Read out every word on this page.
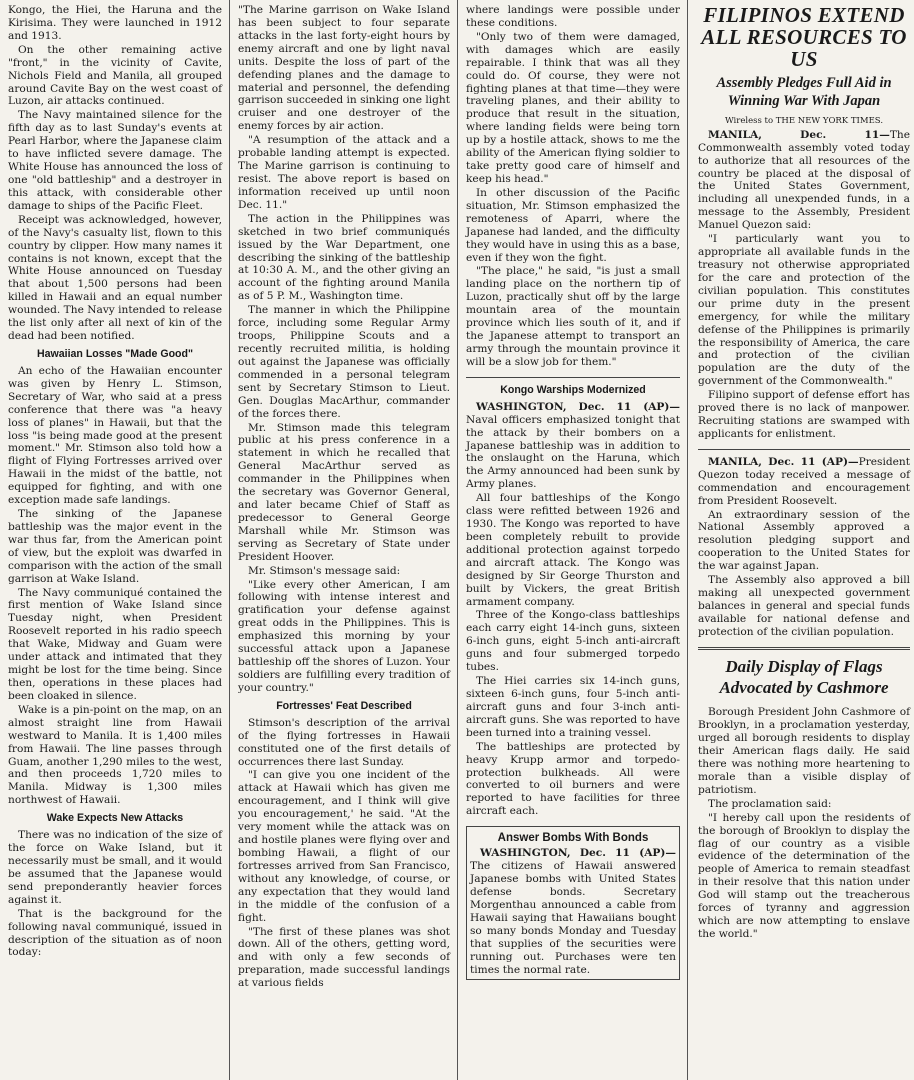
Kongo, the Hiei, the Haruna and the Kirisima. They were launched in 1912 and 1913.

On the other remaining active "front," in the vicinity of Cavite, Nichols Field and Manila, all grouped around Cavite Bay on the west coast of Luzon, air attacks continued.

The Navy maintained silence for the fifth day as to last Sunday's events at Pearl Harbor, where the Japanese claim to have inflicted severe damage. The White House has announced the loss of one "old battleship" and a destroyer in this attack, with considerable other damage to ships of the Pacific Fleet.

Receipt was acknowledged, however, of the Navy's casualty list, flown to this country by clipper. How many names it contains is not known, except that the White House announced on Tuesday that about 1,500 persons had been killed in Hawaii and an equal number wounded. The Navy intended to release the list only after all next of kin of the dead had been notified.

Hawaiian Losses "Made Good"

An echo of the Hawaiian encounter was given by Henry L. Stimson, Secretary of War, who said at a press conference that there was "a heavy loss of planes" in Hawaii, but that the loss "is being made good at the present moment." Mr. Stimson also told how a flight of Flying Fortresses arrived over Hawaii in the midst of the battle, not equipped for fighting, and with one exception made safe landings.

The sinking of the Japanese battleship was the major event in the war thus far, from the American point of view, but the exploit was dwarfed in comparison with the action of the small garrison at Wake Island.

The Navy communiqué contained the first mention of Wake Island since Tuesday night, when President Roosevelt reported in his radio speech that Wake, Midway and Guam were under attack and intimated that they might be lost for the time being. Since then, operations in these places had been cloaked in silence.

Wake is a pin-point on the map, on an almost straight line from Hawaii westward to Manila. It is 1,400 miles from Hawaii. The line passes through Guam, another 1,290 miles to the west, and then proceeds 1,720 miles to Manila. Midway is 1,300 miles northwest of Hawaii.

Wake Expects New Attacks

There was no indication of the size of the force on Wake Island, but it necessarily must be small, and it would be assumed that the Japanese would send preponderantly heavier forces against it.

That is the background for the following naval communiqué, issued in description of the situation as of noon today:

"The Marine garrison on Wake Island has been subject to four separate attacks in the last forty-eight hours by enemy aircraft and one by light naval units. Despite the loss of part of the defending planes and the damage to material and personnel, the defending garrison succeeded in sinking one light cruiser and one destroyer of the enemy forces by air action.

"A resumption of the attack and a probable landing attempt is expected. The Marine garrison is continuing to resist. The above report is based on information received up until noon Dec. 11."

The action in the Philippines was sketched in two brief communiqués issued by the War Department, one describing the sinking of the battleship at 10:30 A. M., and the other giving an account of the fighting around Manila as of 5 P. M., Washington time.

The manner in which the Philippine force, including some Regular Army troops, Philippine Scouts and a recently recruited militia, is holding out against the Japanese was officially commended in a personal telegram sent by Secretary Stimson to Lieut. Gen. Douglas MacArthur, commander of the forces there.

Mr. Stimson made this telegram public at his press conference in a statement in which he recalled that General MacArthur served as commander in the Philippines when the secretary was Governor General, and later became Chief of Staff as predecessor to General George Marshall while Mr. Stimson was serving as Secretary of State under President Hoover.

Mr. Stimson's message said:

"Like every other American, I am following with intense interest and gratification your defense against great odds in the Philippines. This is emphasized this morning by your successful attack upon a Japanese battleship off the shores of Luzon. Your soldiers are fulfilling every tradition of your country."

Fortresses' Feat Described

Stimson's description of the arrival of the flying fortresses in Hawaii constituted one of the first details of occurrences there last Sunday.

"I can give you one incident of the attack at Hawaii which has given me encouragement, and I think will give you encouragement,' he said. "At the very moment while the attack was on and hostile planes were flying over and bombing Hawaii, a flight of our fortresses arrived from San Francisco, without any knowledge, of course, or any expectation that they would land in the middle of the confusion of a fight.

"The first of these planes was shot down. All of the others, getting word, and with only a few seconds of preparation, made successful landings at various fields

where landings were possible under these conditions.

"Only two of them were damaged, with damages which are easily repairable. I think that was all they could do. Of course, they were not fighting planes at that time—they were traveling planes, and their ability to produce that result in the situation, where landing fields were being torn up by a hostile attack, shows to me the ability of the American flying soldier to take pretty good care of himself and keep his head."

In other discussion of the Pacific situation, Mr. Stimson emphasized the remoteness of Aparri, where the Japanese had landed, and the difficulty they would have in using this as a base, even if they won the fight.

"The place," he said, "is just a small landing place on the northern tip of Luzon, practically shut off by the large mountain area of the mountain province which lies south of it, and if the Japanese attempt to transport an army through the mountain province it will be a slow job for them."

Kongo Warships Modernized

WASHINGTON, Dec. 11 (AP)— Naval officers emphasized tonight that the attack by their bombers on a Japanese battleship was in addition to the onslaught on the Haruna, which the Army announced had been sunk by Army planes.

All four battleships of the Kongo class were refitted between 1926 and 1930. The Kongo was reported to have been completely rebuilt to provide additional protection against torpedo and aircraft attack. The Kongo was designed by Sir George Thurston and built by Vickers, the great British armament company.

Three of the Kongo-class battleships each carry eight 14-inch guns, sixteen 6-inch guns, eight 5-inch anti-aircraft guns and four submerged torpedo tubes.

The Hiei carries six 14-inch guns, sixteen 6-inch guns, four 5-inch anti-aircraft guns and four 3-inch anti-aircraft guns. She was reported to have been turned into a training vessel.

The battleships are protected by heavy Krupp armor and torpedo-protection bulkheads. All were converted to oil burners and were reported to have facilities for three aircraft each.

Answer Bombs With Bonds

WASHINGTON, Dec. 11 (AP)— The citizens of Hawaii answered Japanese bombs with United States defense bonds. Secretary Morgenthau announced a cable from Hawaii saying that Hawaiians bought so many bonds Monday and Tuesday that supplies of the securities were running out. Purchases were ten times the normal rate.

FILIPINOS EXTEND ALL RESOURCES TO US
Assembly Pledges Full Aid in Winning War With Japan
Wireless to THE NEW YORK TIMES.

MANILA, Dec. 11—The Commonwealth assembly voted today to authorize that all resources of the country be placed at the disposal of the United States Government, including all unexpended funds, in a message to the Assembly, President Manuel Quezon said:

"I particularly want you to appropriate all available funds in the treasury not otherwise appropriated for the care and protection of the civilian population. This constitutes our prime duty in the present emergency, for while the military defense of the Philippines is primarily the responsibility of America, the care and protection of the civilian population are the duty of the government of the Commonwealth."

Filipino support of defense effort has proved there is no lack of manpower. Recruiting stations are swamped with applicants for enlistment.

MANILA, Dec. 11 (AP)—President Quezon today received a message of commendation and encouragement from President Roosevelt.

An extraordinary session of the National Assembly approved a resolution pledging support and cooperation to the United States for the war against Japan.

The Assembly also approved a bill making all unexpected government balances in general and special funds available for national defense and protection of the civilian population.

Daily Display of Flags Advocated by Cashmore

Borough President John Cashmore of Brooklyn, in a proclamation yesterday, urged all borough residents to display their American flags daily. He said there was nothing more heartening to morale than a visible display of patriotism.

The proclamation said:

"I hereby call upon the residents of the borough of Brooklyn to display the flag of our country as a visible evidence of the determination of the people of America to remain steadfast in their resolve that this nation under God will stamp out the treacherous forces of tyranny and aggression which are now attempting to enslave the world."
